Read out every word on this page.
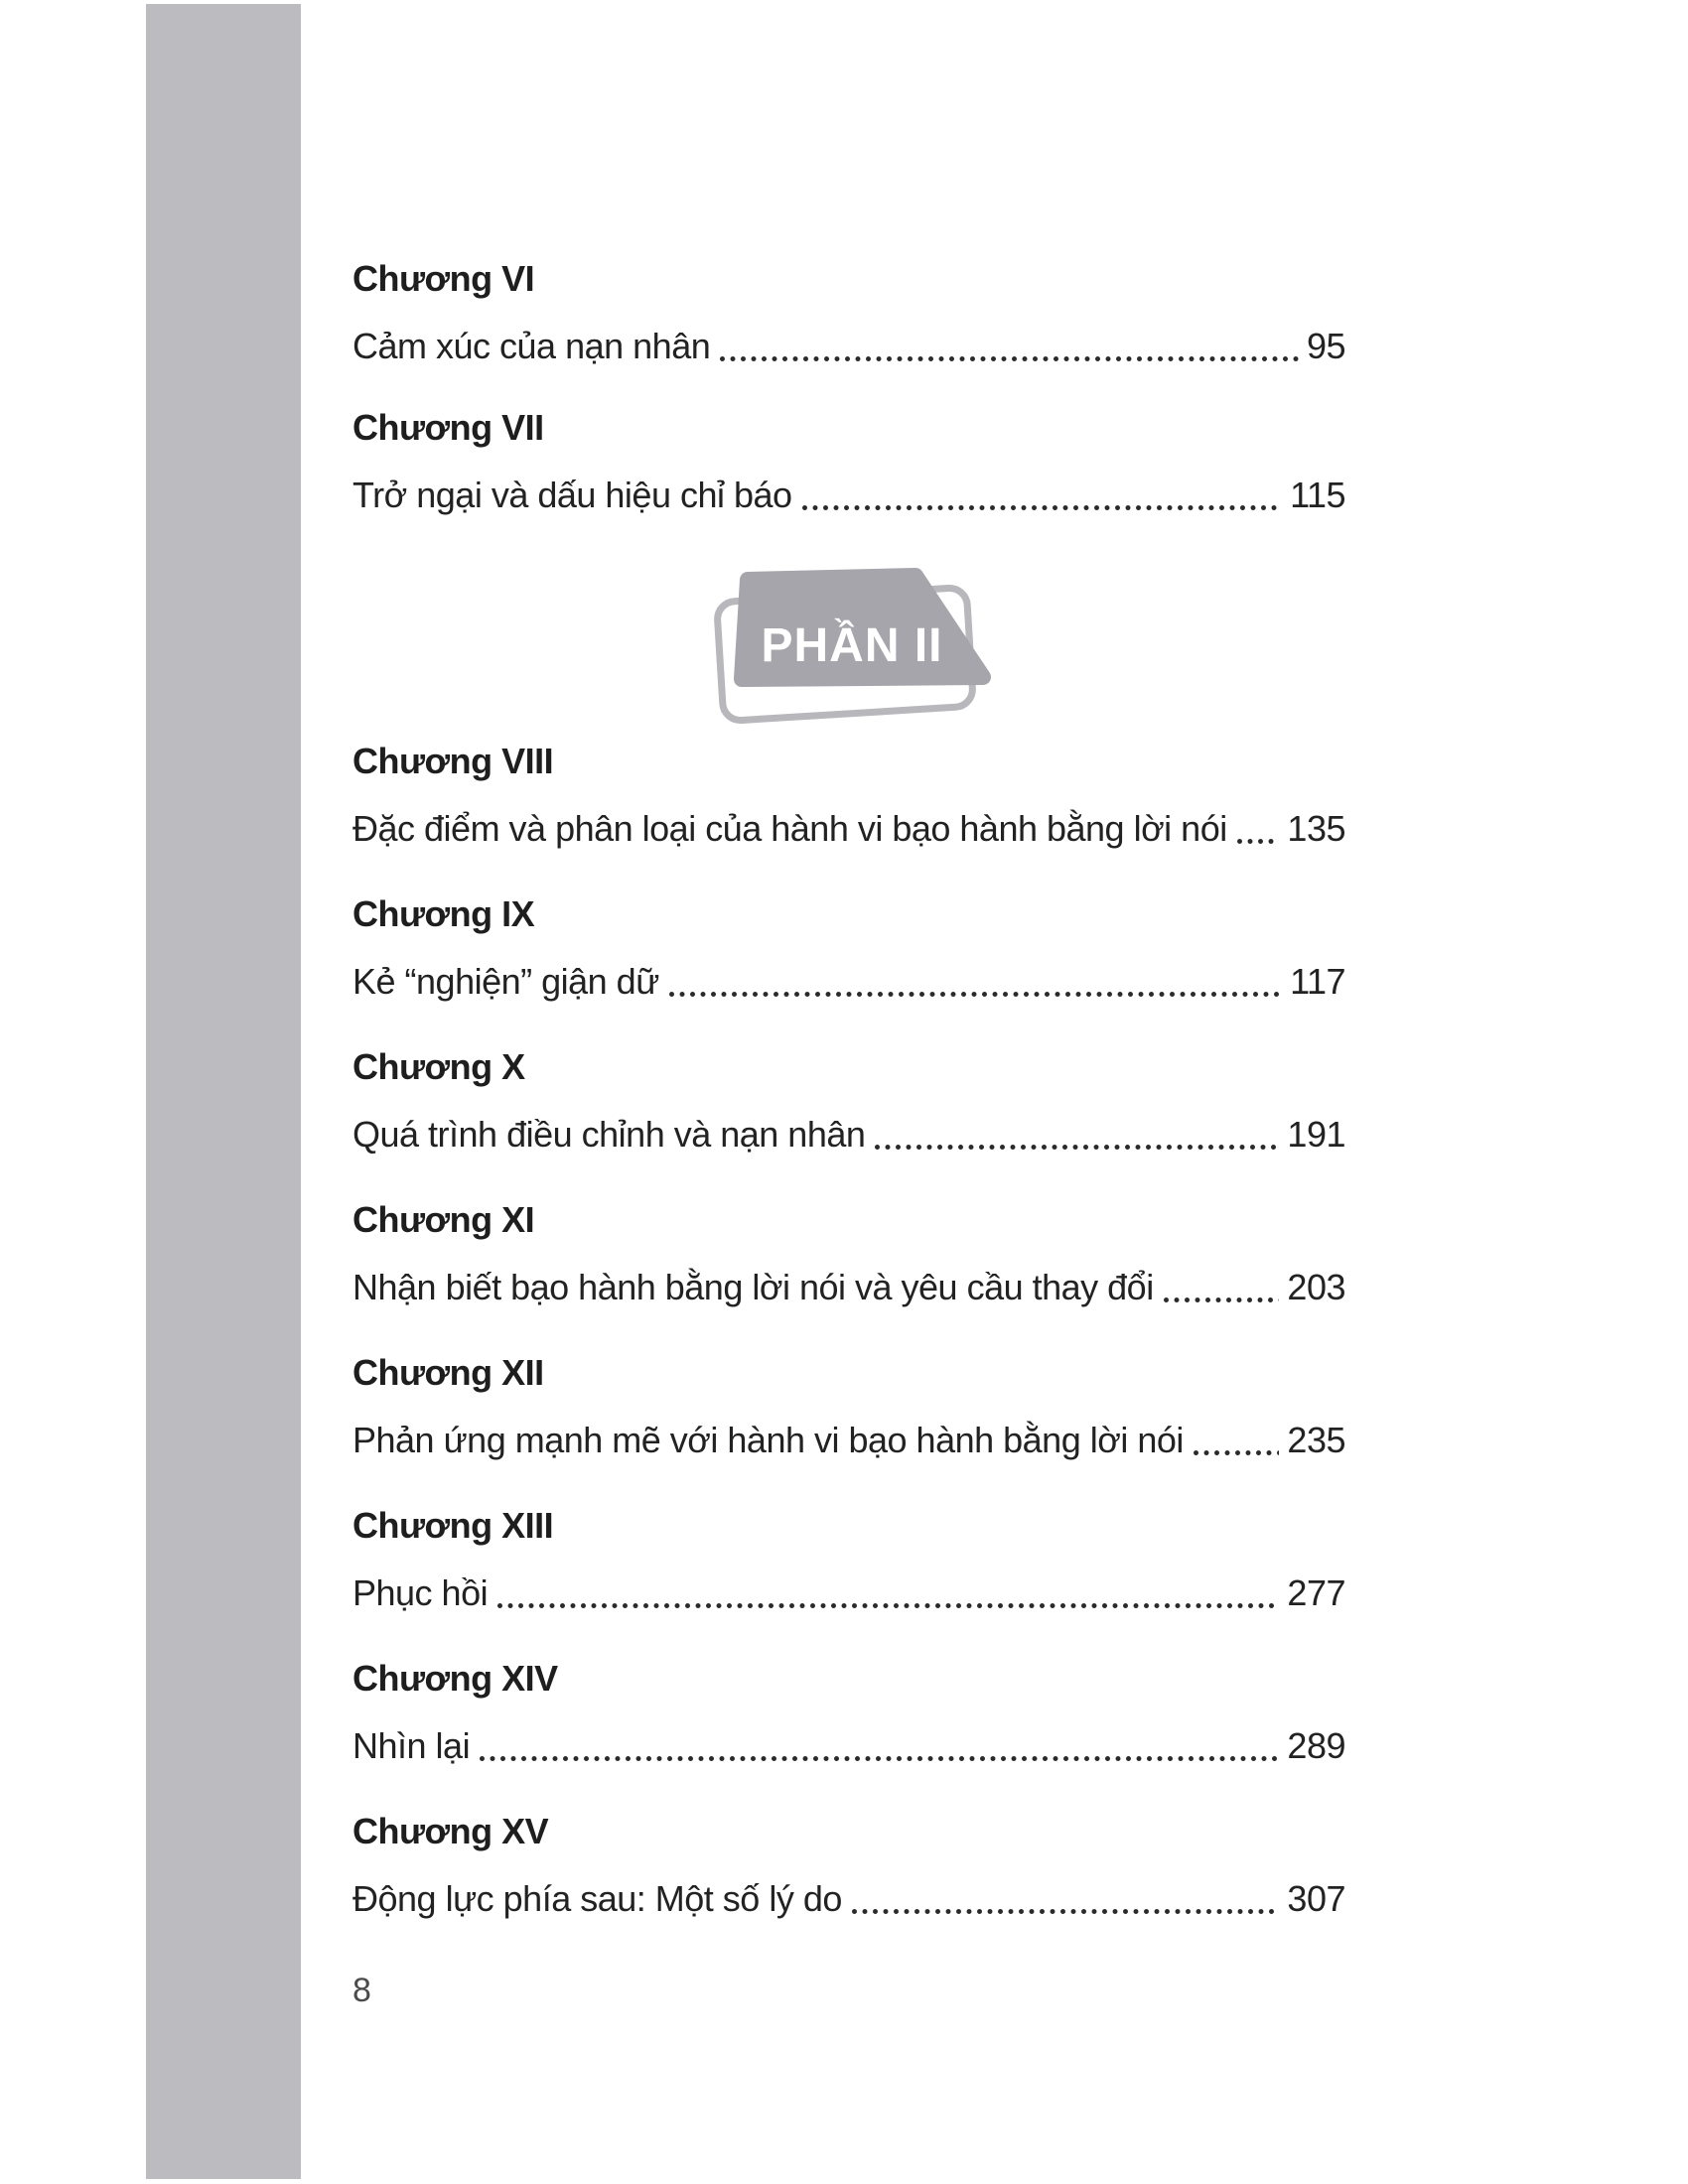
Chương VI
Cảm xúc của nạn nhân	95
Chương VII
Trở ngại và dấu hiệu chỉ báo	115
PHẦN II
Chương VIII
Đặc điểm và phân loại của hành vi bạo hành bằng lời nói 135
Chương IX
Kẻ “nghiện” giận dữ	117
Chương X
Quá trình điều chỉnh và nạn nhân	191
Chương XI
Nhận biết bạo hành bằng lời nói và yêu cầu thay đổi	203
Chương XII
Phản ứng mạnh mẽ với hành vi bạo hành bằng lời nói	235
Chương XIII
Phục hồi	277
Chương XIV
Nhìn lại	289
Chương XV
Động lực phía sau: Một số lý do	307
8
